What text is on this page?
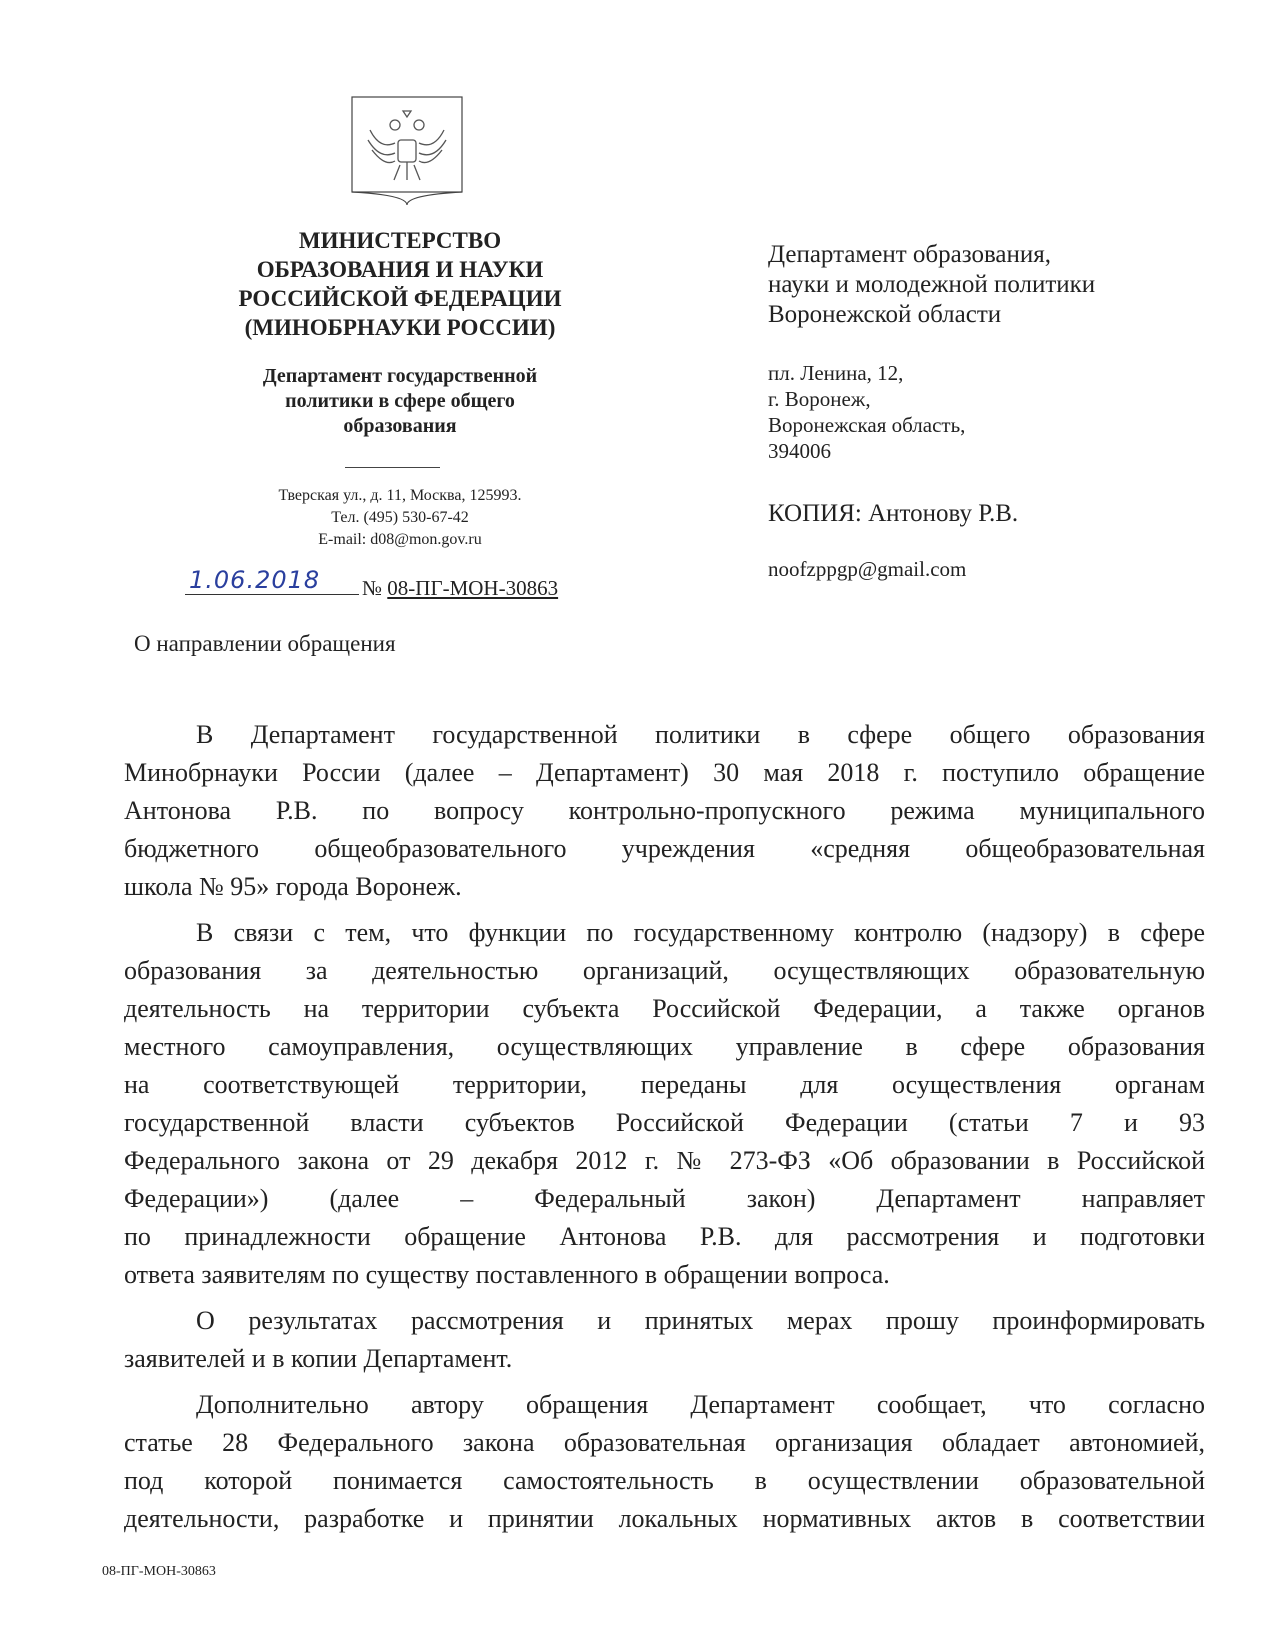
МИНИСТЕРСТВО
ОБРАЗОВАНИЯ И НАУКИ
РОССИЙСКОЙ ФЕДЕРАЦИИ
(МИНОБРНАУКИ РОССИИ)
Департамент государственной
политики в сфере общего
образования
Тверская ул., д. 11, Москва, 125993.
Тел. (495) 530-67-42
E-mail: d08@mon.gov.ru
1.06.2018	№ 08-ПГ-МОН-30863
Департамент образования,
науки и молодежной политики
Воронежской области
пл. Ленина, 12,
г. Воронеж,
Воронежская область,
394006
КОПИЯ: Антонову Р.В.
noofzppgp@gmail.com
О направлении обращения
В Департамент государственной политики в сфере общего образования
Минобрнауки России (далее – Департамент) 30 мая 2018 г. поступило обращение
Антонова Р.В. по вопросу контрольно-пропускного режима муниципального
бюджетного общеобразовательного учреждения «средняя общеобразовательная
школа № 95» города Воронеж.
В связи с тем, что функции по государственному контролю (надзору) в сфере
образования за деятельностью организаций, осуществляющих образовательную
деятельность на территории субъекта Российской Федерации, а также органов
местного самоуправления, осуществляющих управление в сфере образования
на соответствующей территории, переданы для осуществления органам
государственной власти субъектов Российской Федерации (статьи 7 и 93
Федерального закона от 29 декабря 2012 г. № 273-ФЗ «Об образовании в Российской
Федерации») (далее – Федеральный закон) Департамент направляет
по принадлежности обращение Антонова Р.В. для рассмотрения и подготовки
ответа заявителям по существу поставленного в обращении вопроса.
О результатах рассмотрения и принятых мерах прошу проинформировать
заявителей и в копии Департамент.
Дополнительно автору обращения Департамент сообщает, что согласно
статье 28 Федерального закона образовательная организация обладает автономией,
под которой понимается самостоятельность в осуществлении образовательной
деятельности, разработке и принятии локальных нормативных актов в соответствии
08-ПГ-МОН-30863
